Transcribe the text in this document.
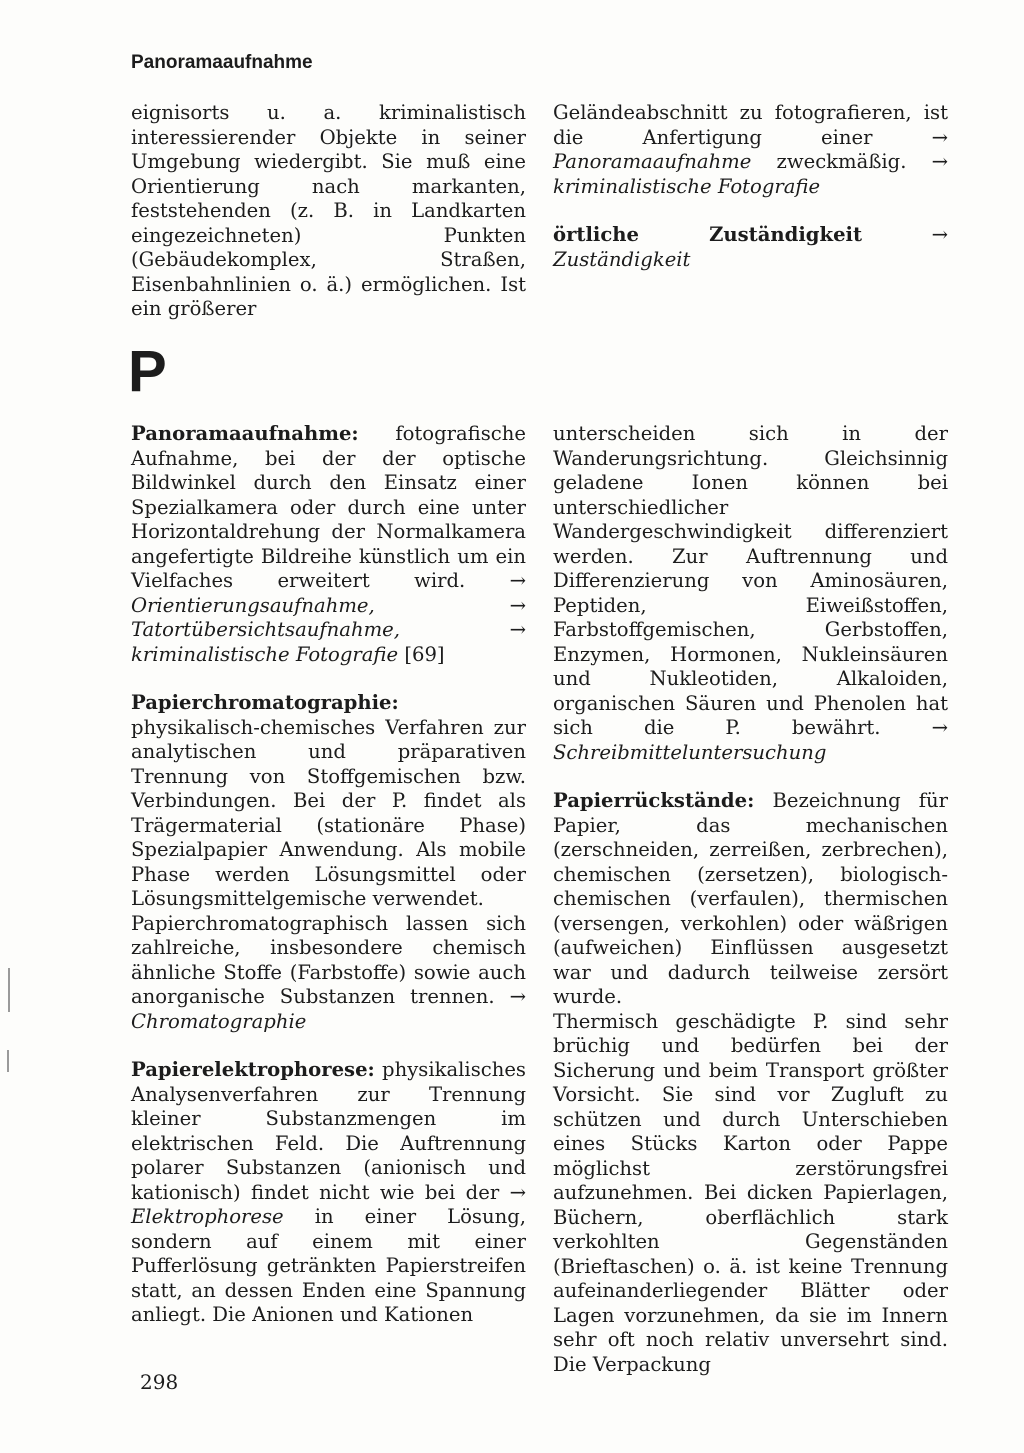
Panoramaaufnahme

eignisorts u. a. kriminalistisch interessierender Objekte in seiner Umgebung wiedergibt. Sie muß eine Orientierung nach markanten, feststehenden (z. B. in Landkarten eingezeichneten) Punkten (Gebäudekomplex, Straßen, Eisenbahnlinien o. ä.) ermöglichen. Ist ein größerer

Geländeabschnitt zu fotografieren, ist die Anfertigung einer → Panoramaaufnahme zweckmäßig. → kriminalistische Fotografie

örtliche Zuständigkeit	→ Zuständigkeit

P

Panoramaaufnahme: fotografische Aufnahme, bei der der optische Bildwinkel durch den Einsatz einer Spezialkamera oder durch eine unter Horizontaldrehung der Normalkamera angefertigte Bildreihe künstlich um ein Vielfaches erweitert wird. → Orientierungsaufnahme,	→ Tatortübersichtsaufnahme,	→ kriminalistische Fotografie [69]

Papierchromatographie: physikalisch-chemisches Verfahren zur analytischen und präparativen Trennung von Stoffgemischen bzw. Verbindungen. Bei der P. findet als Trägermaterial (stationäre Phase) Spezialpapier Anwendung. Als mobile Phase werden Lösungsmittel oder Lösungsmittelgemische verwendet.

Papierchromatographisch lassen sich zahlreiche, insbesondere chemisch ähnliche Stoffe (Farbstoffe) sowie auch anorganische Substanzen trennen. → Chromatographie

Papierelektrophorese: physikalisches Analysenverfahren zur Trennung kleiner Substanzmengen im elektrischen Feld. Die Auftrennung polarer Substanzen (anionisch und kationisch) findet nicht wie bei der → Elektrophorese in einer Lösung, sondern auf einem mit einer Pufferlösung getränkten Papierstreifen statt, an dessen Enden eine Spannung anliegt. Die Anionen und Kationen

unterscheiden sich in der Wanderungsrichtung. Gleichsinnig geladene Ionen können bei unterschiedlicher Wandergeschwindigkeit differenziert werden. Zur Auftrennung und Differenzierung von Aminosäuren, Peptiden, Eiweißstoffen, Farbstoffgemischen, Gerbstoffen, Enzymen, Hormonen, Nukleinsäuren und Nukleotiden, Alkaloiden, organischen Säuren und Phenolen hat sich die P. bewährt. → Schreibmitteluntersuchung

Papierrückstände: Bezeichnung für Papier, das mechanischen (zerschneiden, zerreißen, zerbrechen), chemischen (zersetzen), biologisch-chemischen (verfaulen), thermischen (versengen, verkohlen) oder wäßrigen (aufweichen) Einflüssen ausgesetzt war und dadurch teilweise zersört wurde.

Thermisch geschädigte P. sind sehr brüchig und bedürfen bei der Sicherung und beim Transport größter Vorsicht. Sie sind vor Zugluft zu schützen und durch Unterschieben eines Stücks Karton oder Pappe möglichst zerstörungsfrei aufzunehmen. Bei dicken Papierlagen, Büchern, oberflächlich stark verkohlten Gegenständen (Brieftaschen) o. ä. ist keine Trennung aufeinanderliegender Blätter oder Lagen vorzunehmen, da sie im Innern sehr oft noch relativ unversehrt sind. Die Verpackung

298
